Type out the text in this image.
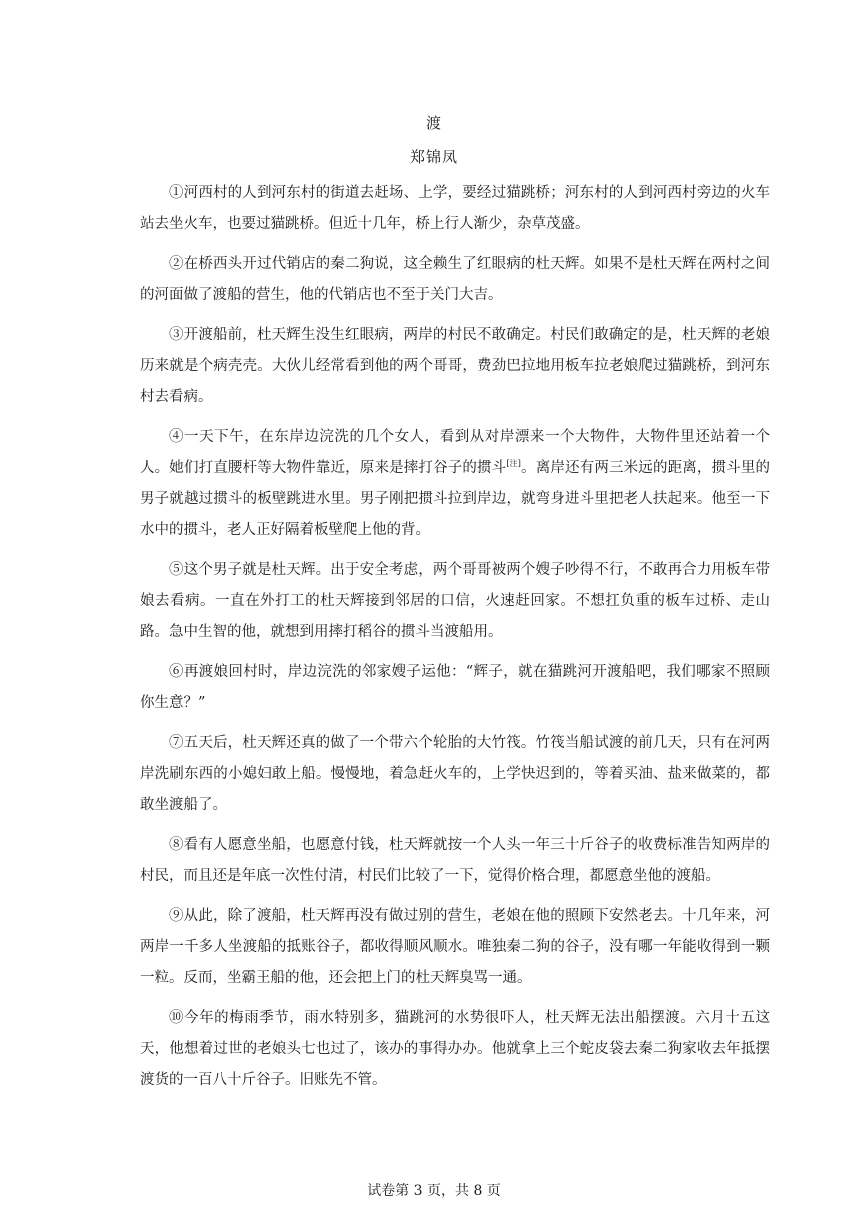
渡
郑锦凤

①河西村的人到河东村的街道去赶场、上学，要经过猫跳桥；河东村的人到河西村旁边的火车站去坐火车，也要过猫跳桥。但近十几年，桥上行人渐少，杂草茂盛。

②在桥西头开过代销店的秦二狗说，这全赖生了红眼病的杜天辉。如果不是杜天辉在两村之间的河面做了渡船的营生，他的代销店也不至于关门大吉。

③开渡船前，杜天辉生没生红眼病，两岸的村民不敢确定。村民们敢确定的是，杜天辉的老娘历来就是个病壳壳。大伙儿经常看到他的两个哥哥，费劲巴拉地用板车拉老娘爬过猫跳桥，到河东村去看病。

④一天下午，在东岸边浣洗的几个女人，看到从对岸漂来一个大物件，大物件里还站着一个人。她们打直腰杆等大物件靠近，原来是摔打谷子的掼斗[注]。离岸还有两三米远的距离，掼斗里的男子就越过掼斗的板壁跳进水里。男子刚把掼斗拉到岸边，就弯身进斗里把老人扶起来。他至一下水中的掼斗，老人正好隔着板壁爬上他的背。

⑤这个男子就是杜天辉。出于安全考虑，两个哥哥被两个嫂子吵得不行，不敢再合力用板车带娘去看病。一直在外打工的杜天辉接到邻居的口信，火速赶回家。不想扛负重的板车过桥、走山路。急中生智的他，就想到用摔打稻谷的掼斗当渡船用。

⑥再渡娘回村时，岸边浣洗的邻家嫂子运他：“辉子，就在猫跳河开渡船吧，我们哪家不照顾你生意？”

⑦五天后，杜天辉还真的做了一个带六个轮胎的大竹筏。竹筏当船试渡的前几天，只有在河两岸洗刷东西的小媳妇敢上船。慢慢地，着急赶火车的，上学快迟到的，等着买油、盐来做菜的，都敢坐渡船了。

⑧看有人愿意坐船，也愿意付钱，杜天辉就按一个人头一年三十斤谷子的收费标准告知两岸的村民，而且还是年底一次性付清，村民们比较了一下，觉得价格合理，都愿意坐他的渡船。

⑨从此，除了渡船，杜天辉再没有做过别的营生，老娘在他的照顾下安然老去。十几年来，河两岸一千多人坐渡船的抵账谷子，都收得顺风顺水。唯独秦二狗的谷子，没有哪一年能收得到一颗一粒。反而，坐霸王船的他，还会把上门的杜天辉臭骂一通。

⑩今年的梅雨季节，雨水特别多，猫跳河的水势很吓人，杜天辉无法出船摆渡。六月十五这天，他想着过世的老娘头七也过了，该办的事得办办。他就拿上三个蛇皮袋去秦二狗家收去年抵摆渡货的一百八十斤谷子。旧账先不管。

试卷第 3 页，共 8 页
